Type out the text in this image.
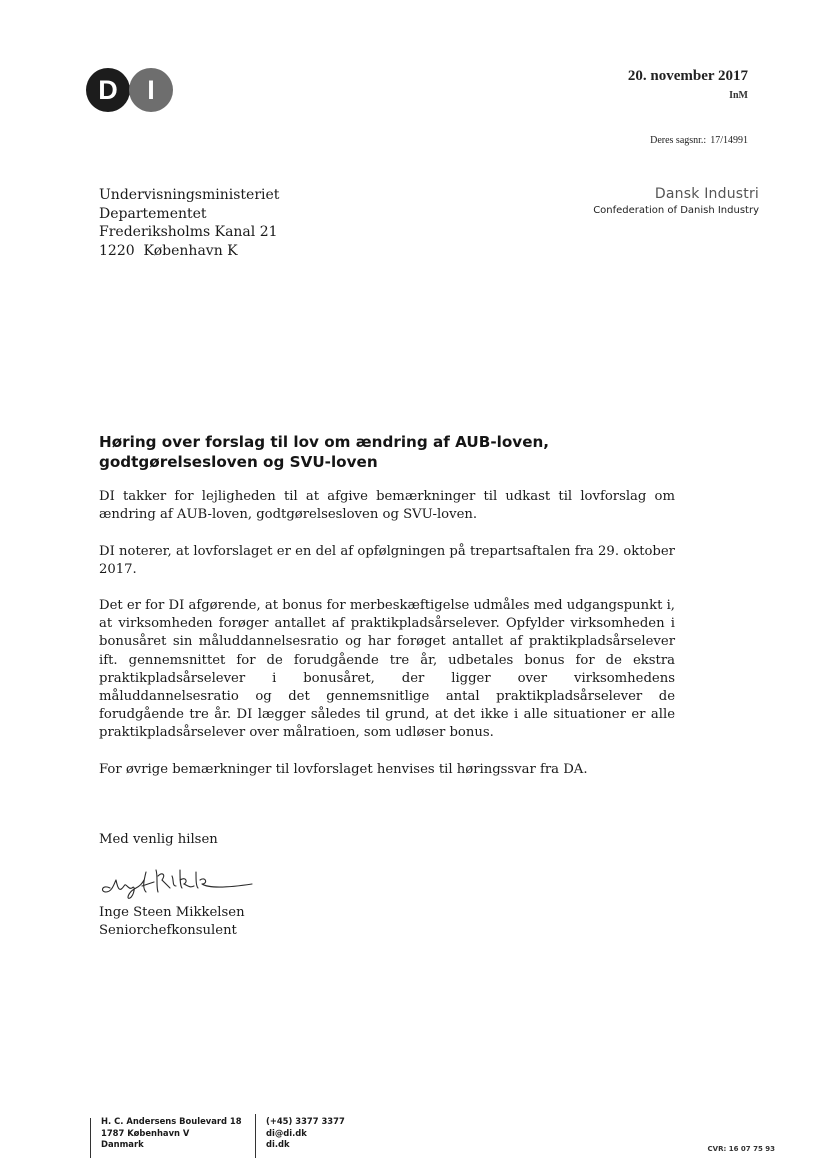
D	I	20. november 2017
InM
Deres sagsnr.: 17/14991
Dansk Industri
Confederation of Danish Industry
Undervisningsministeriet
Departementet
Frederiksholms Kanal 21
1220  København K
Høring over forslag til lov om ændring af AUB-loven, godtgørelsesloven og SVU-loven

DI takker for lejligheden til at afgive bemærkninger til udkast til lovforslag om ændring af AUB-loven, godtgørelsesloven og SVU-loven.

DI noterer, at lovforslaget er en del af opfølgningen på trepartsaftalen fra 29. oktober 2017.

Det er for DI afgørende, at bonus for merbeskæftigelse udmåles med udgangspunkt i, at virksomheden forøger antallet af praktikpladsårselever. Opfylder virksomheden i bonusåret sin måluddannelsesratio og har forøget antallet af praktikpladsårselever ift. gennemsnittet for de forudgående tre år, udbetales bonus for de ekstra praktikpladsårselever i bonusåret, der ligger over virksomhedens måluddannelsesratio og det gennemsnitlige antal praktikpladsårselever de forudgående tre år. DI lægger således til grund, at det ikke i alle situationer er alle praktikpladsårselever over målratioen, som udløser bonus.

For øvrige bemærkninger til lovforslaget henvises til høringssvar fra DA.

Med venlig hilsen
Inge Steen Mikkelsen
Seniorchefkonsulent
H. C. Andersens Boulevard 18
1787 København V
Danmark
(+45) 3377 3377
di@di.dk
di.dk	CVR: 16 07 75 93
